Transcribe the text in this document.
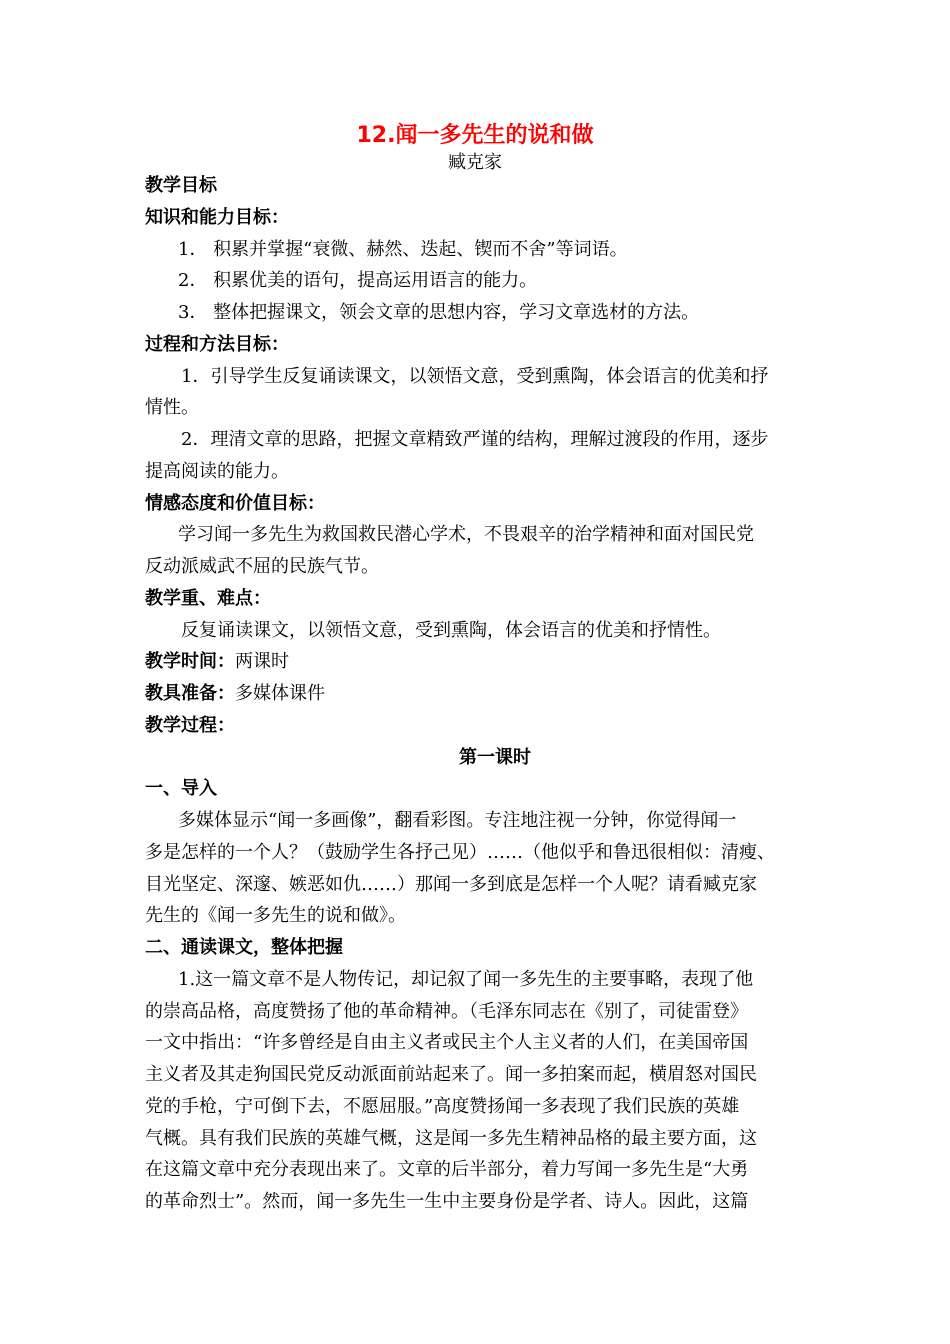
12.闻一多先生的说和做
臧克家
教学目标
知识和能力目标：
1． 积累并掌握“衰微、赫然、迭起、锲而不舍”等词语。
2． 积累优美的语句，提高运用语言的能力。
3． 整体把握课文，领会文章的思想内容，学习文章选材的方法。
过程和方法目标：
1．引导学生反复诵读课文，以领悟文意，受到熏陶，体会语言的优美和抒
情性。
2．理清文章的思路，把握文章精致严谨的结构，理解过渡段的作用，逐步
提高阅读的能力。
情感态度和价值目标：
学习闻一多先生为救国救民潜心学术，不畏艰辛的治学精神和面对国民党
反动派威武不屈的民族气节。
教学重、难点：
反复诵读课文，以领悟文意，受到熏陶，体会语言的优美和抒情性。
教学时间：两课时
教具准备：多媒体课件
教学过程：
第一课时
一、导入
多媒体显示“闻一多画像”，翻看彩图。专注地注视一分钟，你觉得闻一
多是怎样的一个人？（鼓励学生各抒己见）……（他似乎和鲁迅很相似：清瘦、
目光坚定、深邃、嫉恶如仇……）那闻一多到底是怎样一个人呢？请看臧克家
先生的《闻一多先生的说和做》。
二、通读课文，整体把握
1.这一篇文章不是人物传记，却记叙了闻一多先生的主要事略，表现了他
的崇高品格，高度赞扬了他的革命精神。（毛泽东同志在《别了，司徒雷登》
一文中指出：“许多曾经是自由主义者或民主个人主义者的人们，在美国帝国
主义者及其走狗国民党反动派面前站起来了。闻一多拍案而起，横眉怒对国民
党的手枪，宁可倒下去，不愿屈服。”高度赞扬闻一多表现了我们民族的英雄
气概。具有我们民族的英雄气概，这是闻一多先生精神品格的最主要方面，这
在这篇文章中充分表现出来了。文章的后半部分，着力写闻一多先生是“大勇
的革命烈士”。然而，闻一多先生一生中主要身份是学者、诗人。因此，这篇
